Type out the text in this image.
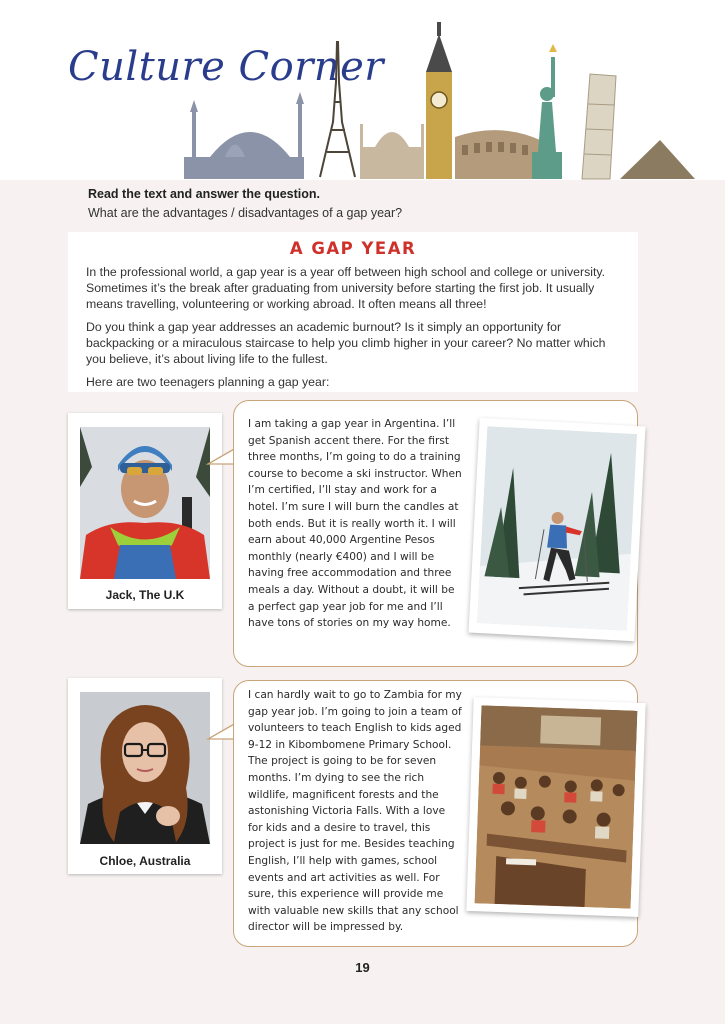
Culture Corner
Read the text and answer the question.
What are the advantages / disadvantages of a gap year?
A GAP YEAR

In the professional world, a gap year is a year off between high school and college or university. Sometimes it’s the break after graduating from university before starting the first job. It usually means travelling, volunteering or working abroad. It often means all three!

Do you think a gap year addresses an academic burnout? Is it simply an opportunity for backpacking or a miraculous staircase to help you climb higher in your career? No matter which you believe, it’s about living life to the fullest.

Here are two teenagers planning a gap year:

Jack, The U.K

I am taking a gap year in Argentina. I’ll get Spanish accent there. For the first three months, I’m going to do a training course to become a ski instructor. When I’m certified, I’ll stay and work for a hotel. I’m sure I will burn the candles at both ends. But it is really worth it. I will earn about 40,000 Argentine Pesos monthly (nearly €400) and I will be having free accommodation and three meals a day. Without a doubt, it will be a perfect gap year job for me and I’ll have tons of stories on my way home.

Chloe, Australia

I can hardly wait to go to Zambia for my gap year job. I’m going to join a team of volunteers to teach English to kids aged 9-12 in Kibombomene Primary School. The project is going to be for seven months. I’m dying to see the rich wildlife, magnificent forests and the astonishing Victoria Falls. With a love for kids and a desire to travel, this project is just for me. Besides teaching English, I’ll help with games, school events and art activities as well. For sure, this experience will provide me with valuable new skills that any school director will be impressed by.

19
